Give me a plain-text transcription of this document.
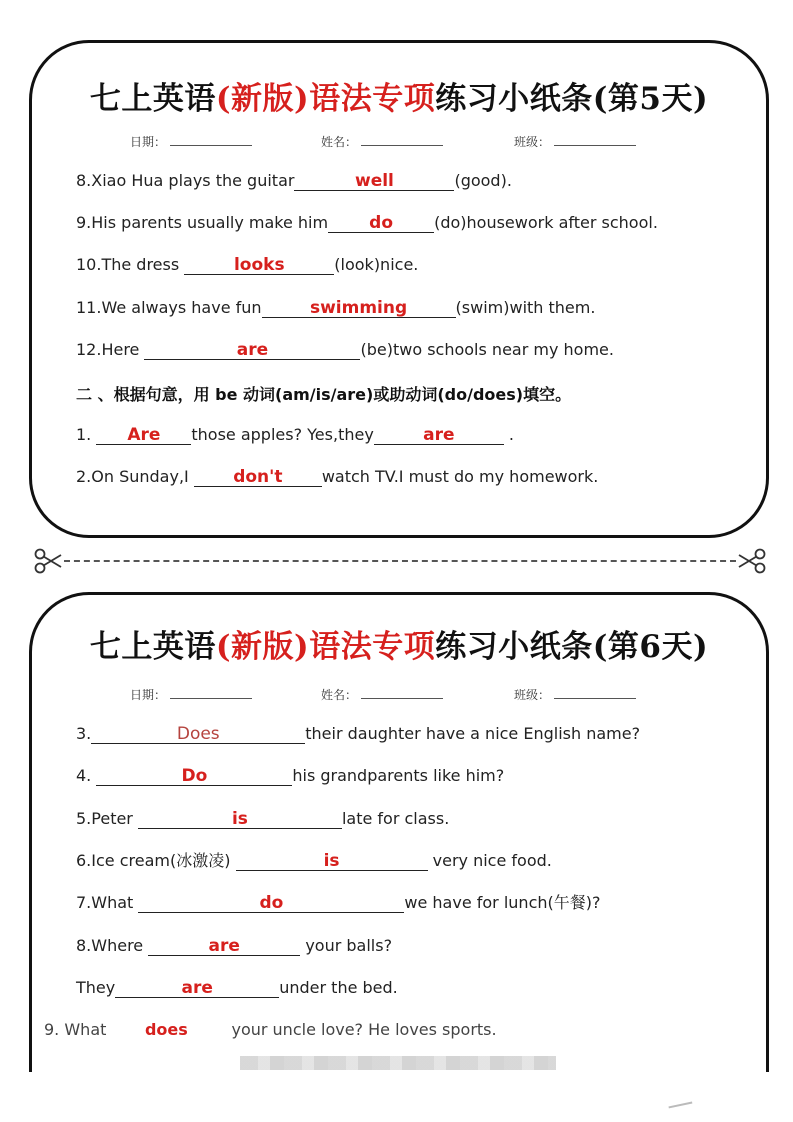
七上英语(新版)语法专项练习小纸条(第5天)
日期：	姓名：	班级：
8.Xiao Hua plays the guitar	well	(good).
9.His parents usually make him do	(do)housework after school.
10.The dress	looks	(look)nice.
11.We always have fun	swimming	(swim)with them.
12.Here	are	(be)two schools near my home.
二 、根据句意，用 be 动词(am/is/are)或助动词(do/does)填空。
1. Are those apples? Yes,they	are	.
2.On Sunday,I don't watch TV.I must do my homework.
七上英语(新版)语法专项练习小纸条(第6天)
日期：	姓名：	班级：
3.	Does	their daughter have a nice English name?
4.	Do	his grandparents like him?
5.Peter	is	late for class.
6.Ice cream(冰激凌)	is	very nice food.
7.What	do	we have for lunch(午餐)?
8.Where	are	your balls?
They	are	under the bed.
9. What does your uncle love? He loves sports.
